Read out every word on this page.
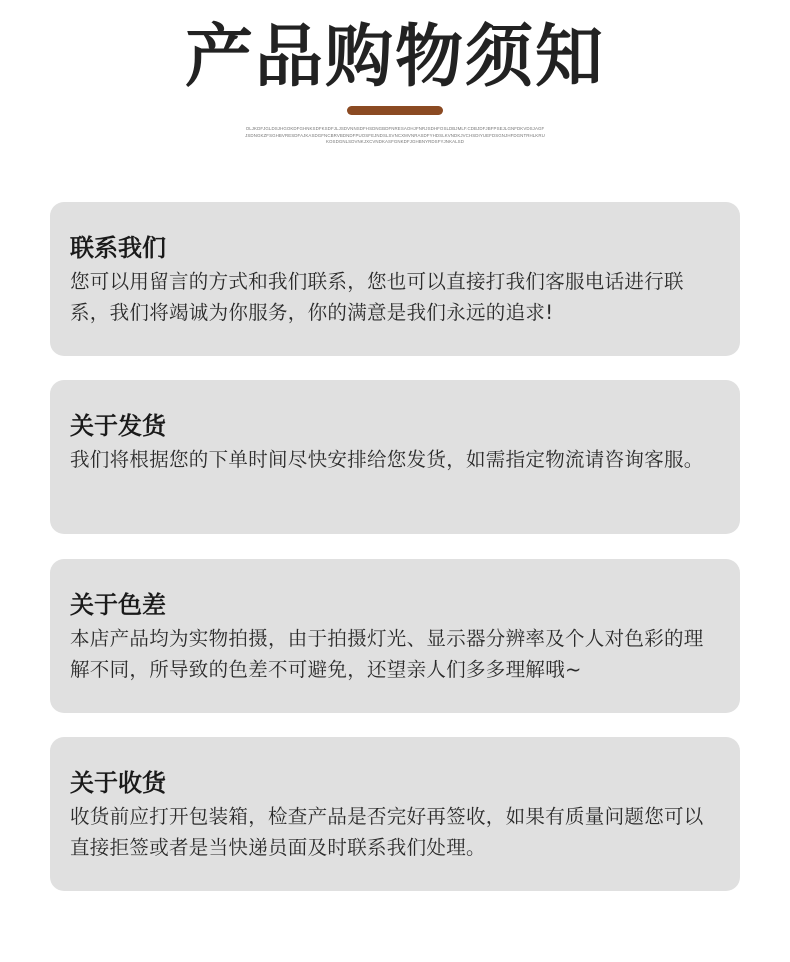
产品购物须知
OLJKDFJGLDSJHGOKDFGHNKSDFKSDFJLJSDVNNSDFHSDNGBDFNRESAOHJFNRJSDHFOSLDBJMLF.CDBJDFJBFPSEJLGNFDKVDSJAGFJSDNGKZFSGHBVRESDFAJKASDGFNCBRVBDNDFPUOSFEJNDSLSVNCXMVNRASDFYHDSLKVNDKJVCHSDIYUEFDSGNJHFDGNTRHLKRUKOSDGNLSDVNKJXCVNDKASFGNKDFJGHBNYRDSFYJNKALSD
联系我们

您可以用留言的方式和我们联系，您也可以直接打我们客服电话进行联系，我们将竭诚为你服务，你的满意是我们永远的追求!

关于发货

我们将根据您的下单时间尽快安排给您发货，如需指定物流请咨询客服。

关于色差

本店产品均为实物拍摄，由于拍摄灯光、显示器分辨率及个人对色彩的理解不同，所导致的色差不可避免，还望亲人们多多理解哦~

关于收货

收货前应打开包装箱，检查产品是否完好再签收，如果有质量问题您可以直接拒签或者是当快递员面及时联系我们处理。
